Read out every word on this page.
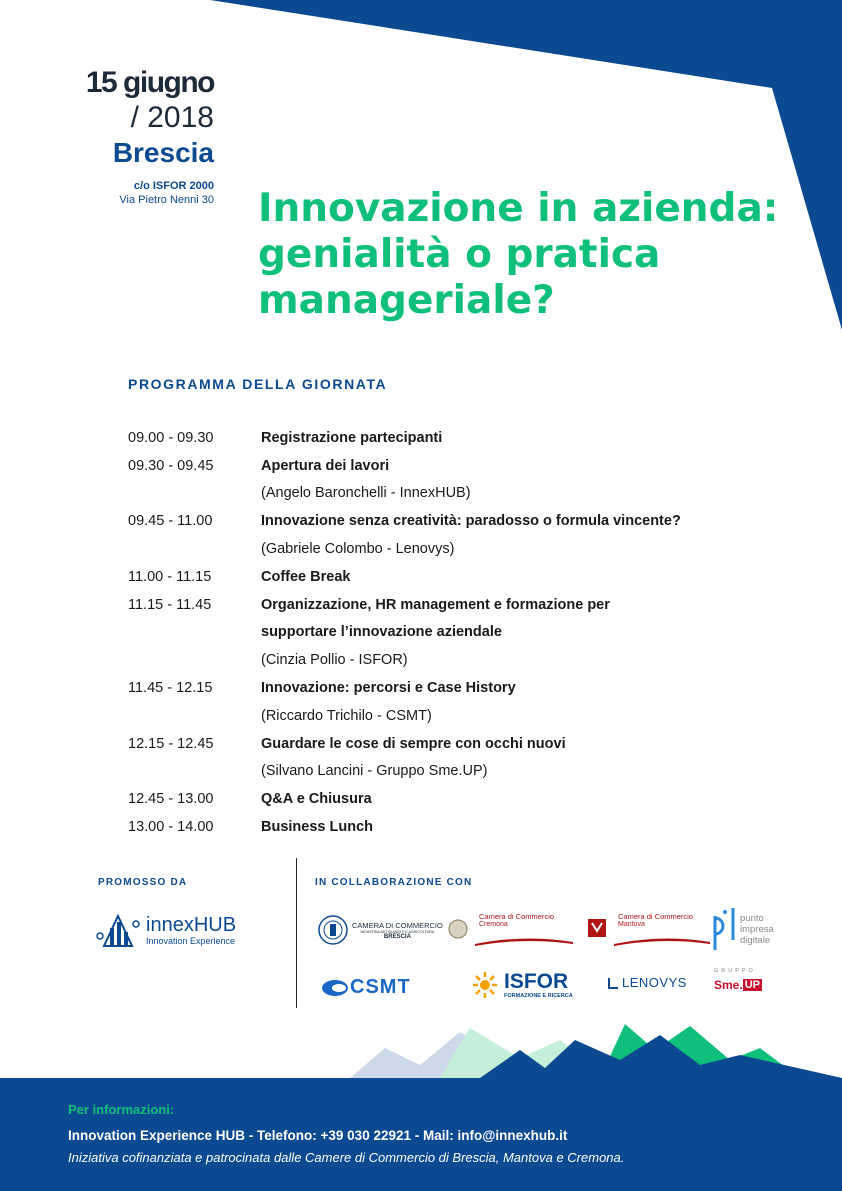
15 giugno
/ 2018
Brescia
c/o ISFOR 2000
Via Pietro Nenni 30 Innovazione in azienda: genialità o pratica manageriale?
PROGRAMMA DELLA GIORNATA
09.00 - 09.30	Registrazione partecipanti
09.30 - 09.45	Apertura dei lavori
(Angelo Baronchelli - InnexHUB)
09.45 - 11.00	Innovazione senza creatività: paradosso o formula vincente?
(Gabriele Colombo - Lenovys)
11.00 - 11.15	Coffee Break
11.15 - 11.45	Organizzazione, HR management e formazione per
supportare l’innovazione aziendale
(Cinzia Pollio - ISFOR)
11.45 - 12.15	Innovazione: percorsi e Case History
(Riccardo Trichilo - CSMT)
12.15 - 12.45	Guardare le cose di sempre con occhi nuovi
(Silvano Lancini - Gruppo Sme.UP)
12.45 - 13.00	Q&A e Chiusura
13.00 - 14.00	Business Lunch
PROMOSSO DA	IN COLLABORAZIONE CON
innexHUB
Innovation Experience
CAMERA DI COMMERCIO
INDUSTRIA ARTIGIANATO E AGRICOLTURA
BRESCIA
Camera di Commercio
Cremona
Camera di Commercio
Mantova
punto
impresa
digitale
CSMT	ISFOR
FORMAZIONE E RICERCA
LENOVYS
GRUPPO
Sme. UP
Per informazioni:
Innovation Experience HUB - Telefono: +39 030 22921 - Mail: info@innexhub.it
Iniziativa cofinanziata e patrocinata dalle Camere di Commercio di Brescia, Mantova e Cremona.
